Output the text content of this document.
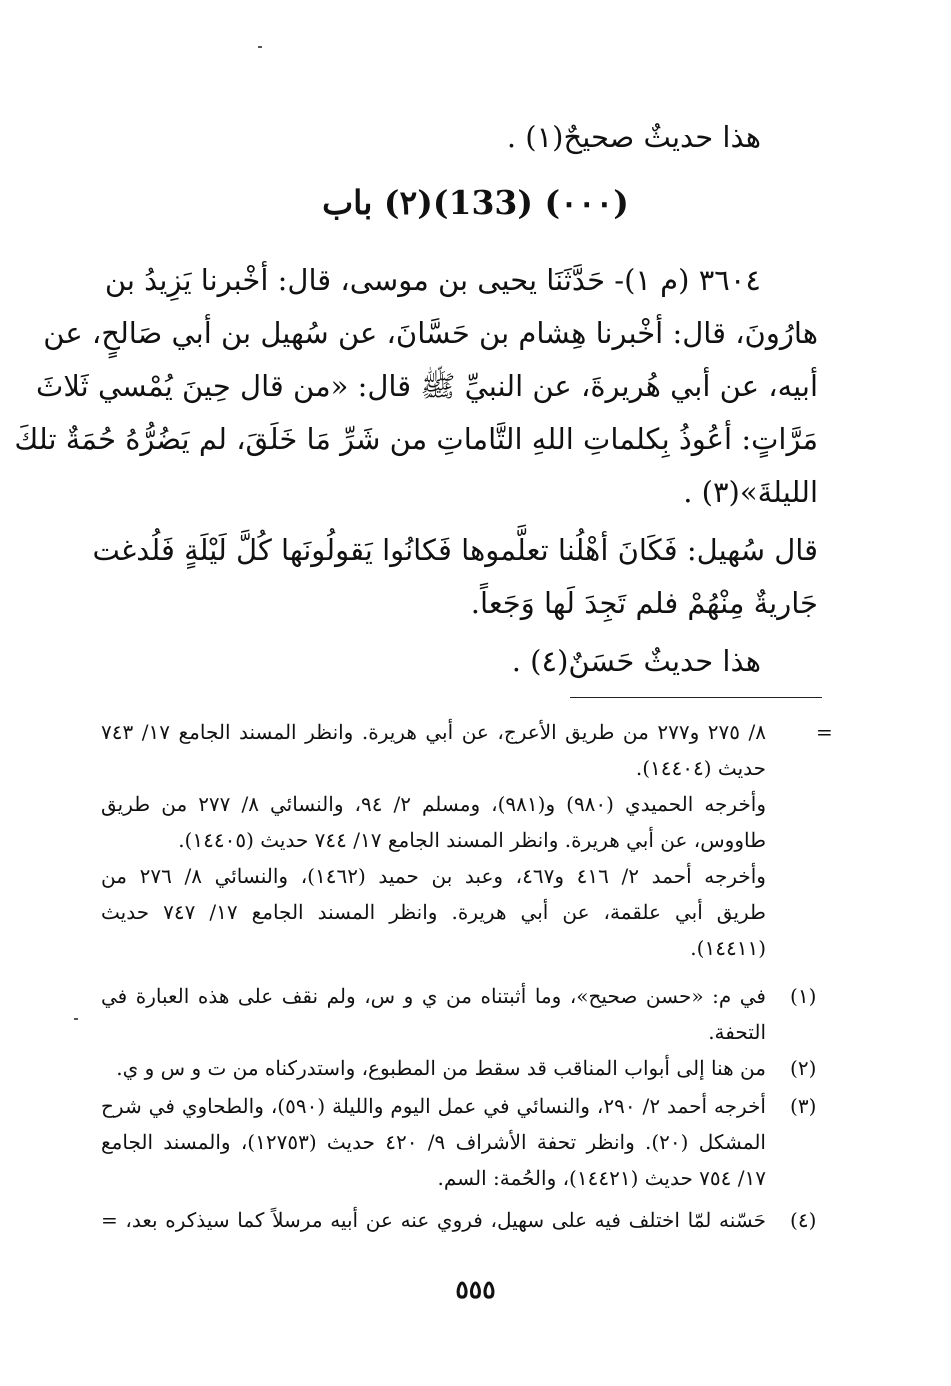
هذا حديثٌ صحيحٌ(١) .
(٠٠٠) (133)(٢) باب
٣٦٠٤ (م ١)- حَدَّثَنَا يحيى بن موسى، قال: أخْبرنا يَزِيدُ بن
هارُونَ، قال: أخْبرنا هِشام بن حَسَّانَ، عن سُهيل بن أبي صَالحٍ، عن
أبيه، عن أبي هُريرةَ، عن النبيِّ ﷺ قال: «من قال حِينَ يُمْسي ثَلاثَ
مَرَّاتٍ: أعُوذُ بِكلماتِ اللهِ التَّاماتِ من شَرِّ مَا خَلَقَ، لم يَضُرُّهُ حُمَةٌ تلكَ
الليلةَ»(٣) .
قال سُهيل: فَكَانَ أهْلُنا تعلَّموها فَكانُوا يَقولُونَها كُلَّ لَيْلَةٍ فَلُدغت
جَاريةٌ مِنْهُمْ فلم تَجِدَ لَها وَجَعاً.
هذا حديثٌ حَسَنٌ(٤) .
=
٨/ ٢٧٥ و٢٧٧ من طريق الأعرج، عن أبي هريرة. وانظر المسند الجامع ١٧/ ٧٤٣
حديث (١٤٤٠٤).
وأخرجه الحميدي (٩٨٠) و(٩٨١)، ومسلم ٢/ ٩٤، والنسائي ٨/ ٢٧٧ من طريق
طاووس، عن أبي هريرة. وانظر المسند الجامع ١٧/ ٧٤٤ حديث (١٤٤٠٥).
وأخرجه أحمد ٢/ ٤١٦ و٤٦٧، وعبد بن حميد (١٤٦٢)، والنسائي ٨/ ٢٧٦ من
طريق أبي علقمة، عن أبي هريرة. وانظر المسند الجامع ١٧/ ٧٤٧ حديث
(١٤٤١١).
(١)
في م: «حسن صحيح»، وما أثبتناه من ي و س، ولم نقف على هذه العبارة في
التحفة.
(٢)
من هنا إلى أبواب المناقب قد سقط من المطبوع، واستدركناه من ت و س و ي.
(٣)
أخرجه أحمد ٢/ ٢٩٠، والنسائي في عمل اليوم والليلة (٥٩٠)، والطحاوي في شرح
المشكل (٢٠). وانظر تحفة الأشراف ٩/ ٤٢٠ حديث (١٢٧٥٣)، والمسند الجامع
١٧/ ٧٥٤ حديث (١٤٤٢١)، والحُمة: السم.
(٤)
حَسّنه لمّا اختلف فيه على سهيل، فروي عنه عن أبيه مرسلاً كما سيذكره بعد، =
٥٥٥
